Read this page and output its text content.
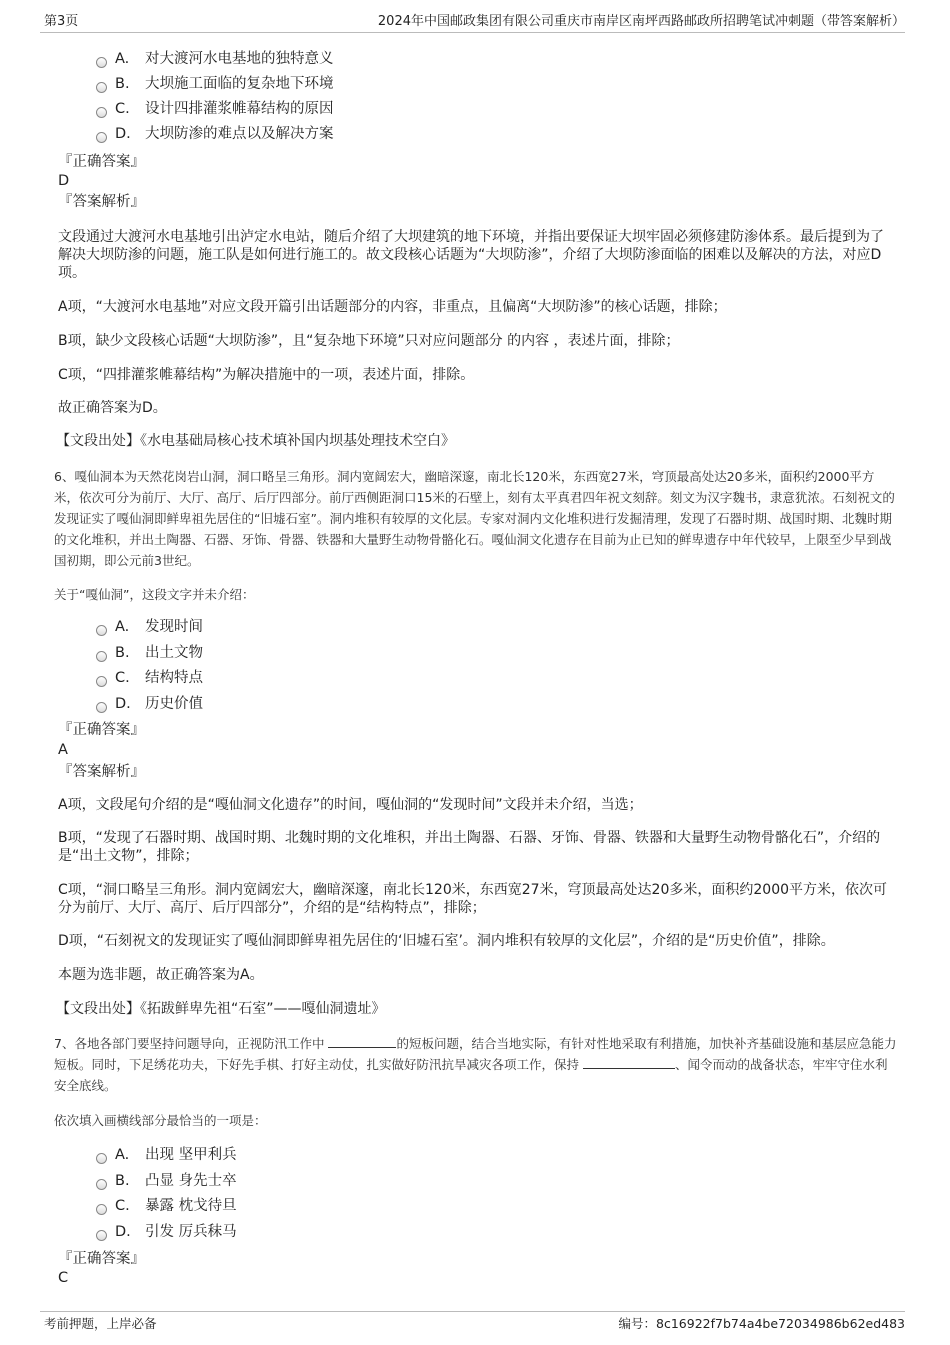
第3页	2024年中国邮政集团有限公司重庆市南岸区南坪西路邮政所招聘笔试冲刺题（带答案解析）
A.	对大渡河水电基地的独特意义
B.	大坝施工面临的复杂地下环境
C.	设计四排灌浆帷幕结构的原因
D. 大坝防渗的难点以及解决方案
『正确答案』
D
『答案解析』
文段通过大渡河水电基地引出泸定水电站，随后介绍了大坝建筑的地下环境，并指出要保证大坝牢固必须修建防渗体系。最后提到为了解决大坝防渗的问题，施工队是如何进行施工的。故文段核心话题为“大坝防渗”，介绍了大坝防渗面临的困难以及解决的方法，对应D项。
A项，“大渡河水电基地”对应文段开篇引出话题部分的内容，非重点，且偏离“大坝防渗”的核心话题，排除；
B项，缺少文段核心话题“大坝防渗”，且“复杂地下环境”只对应问题部分 的内容 ，表述片面，排除；
C项，“四排灌浆帷幕结构”为解决措施中的一项，表述片面，排除。
故正确答案为D。
【文段出处】《水电基础局核心技术填补国内坝基处理技术空白》
6、嘎仙洞本为天然花岗岩山洞，洞口略呈三角形。洞内宽阔宏大，幽暗深邃，南北长120米，东西宽27米，穹顶最高处达20多米，面积约2000平方米，依次可分为前厅、大厅、高厅、后厅四部分。前厅西侧距洞口15米的石壁上，刻有太平真君四年祝文刻辞。刻文为汉字魏书，隶意犹浓。石刻祝文的发现证实了嘎仙洞即鲜卑祖先居住的“旧墟石室”。洞内堆积有较厚的文化层。专家对洞内文化堆积进行发掘清理，发现了石器时期、战国时期、北魏时期的文化堆积，并出土陶器、石器、牙饰、骨器、铁器和大量野生动物骨骼化石。嘎仙洞文化遗存在目前为止已知的鲜卑遗存中年代较早，上限至少早到战国初期，即公元前3世纪。
关于“嘎仙洞”，这段文字并未介绍：
A.	发现时间
B.	出土文物
C.	结构特点
D. 历史价值
『正确答案』
A
『答案解析』
A项，文段尾句介绍的是“嘎仙洞文化遗存”的时间，嘎仙洞的“发现时间”文段并未介绍，当选；
B项，“发现了石器时期、战国时期、北魏时期的文化堆积，并出土陶器、石器、牙饰、骨器、铁器和大量野生动物骨骼化石”，介绍的是“出土文物”，排除；
C项，“洞口略呈三角形。洞内宽阔宏大，幽暗深邃，南北长120米，东西宽27米，穹顶最高处达20多米，面积约2000平方米，依次可分为前厅、大厅、高厅、后厅四部分”，介绍的是“结构特点”，排除；
D项，“石刻祝文的发现证实了嘎仙洞即鲜卑祖先居住的‘旧墟石室’。洞内堆积有较厚的文化层”，介绍的是“历史价值”，排除。
本题为选非题，故正确答案为A。
【文段出处】《拓跋鲜卑先祖“石室”——嘎仙洞遗址》
7、各地各部门要坚持问题导向，正视防汛工作中	的短板问题，结合当地实际，有针对性地采取有利措施，加快补齐基础设施和基层应急能力短板。同时，下足绣花功夫，下好先手棋、打好主动仗，扎实做好防汛抗旱减灾各项工作，保持	、闻令而动的战备状态，牢牢守住水利安全底线。
依次填入画横线部分最恰当的一项是：
A.	出现 坚甲利兵
B.	凸显 身先士卒
C.	暴露 枕戈待旦
D. 引发 厉兵秣马
『正确答案』
C
考前押题，上岸必备	编号：8c16922f7b74a4be72034986b62ed483
